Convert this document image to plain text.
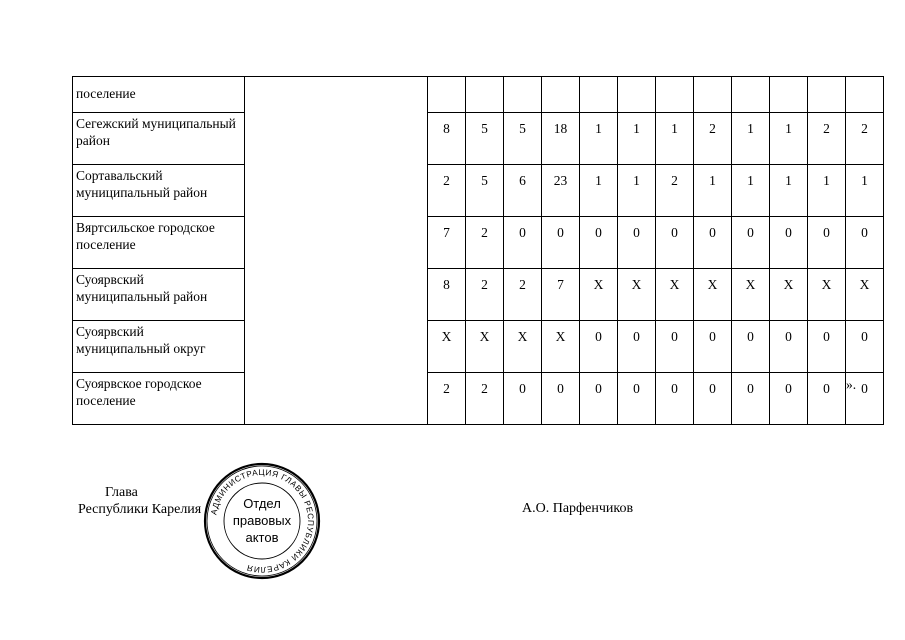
поселение													
Сегежский муниципальный район		8	5	5	18	1	1	1	2	1	1	2	2
Сортавальский муниципальный район		2	5	6	23	1	1	2	1	1	1	1	1
Вяртсильское городское поселение		7	2	0	0	0	0	0	0	0	0	0	0
Суоярвский муниципальный район		8	2	2	7	X	X	X	X	X	X	X	X
Суоярвский муниципальный округ		X	X	X	X	0	0	0	0	0	0	0	0
Суоярвское городское поселение		2	2	0	0	0	0	0	0	0	0	0	0
».
Глава
Республики Карелия АДМИНИСТРАЦИЯ ГЛАВЫ РЕСПУБЛИКИ КАРЕЛИЯ
Отдел
правовых
актов
А.О. Парфенчиков
